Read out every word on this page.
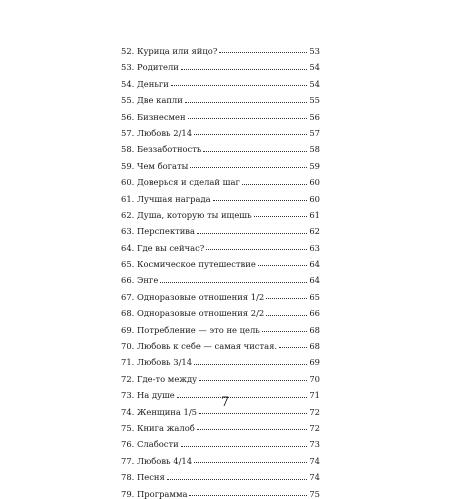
52. Курица или яйцо?	53
53. Родители	54
54. Деньги	54
55. Две капли	55
56. Бизнесмен	56
57. Любовь 2/14	57
58. Беззаботность	58
59. Чем богаты	59
60. Доверься и сделай шаг	60
61. Лучшая награда	60
62. Душа, которую ты ищешь	61
63. Перспектива	62
64. Где вы сейчас?	63
65. Космическое путешествие	64
66. Энге	64
67. Одноразовые отношения 1/2	65
68. Одноразовые отношения 2/2	66
69. Потребление — это не цель	68
70. Любовь к себе — самая чистая.	68
71. Любовь 3/14	69
72. Где-то между	70
73. На душе	71
74. Женщина 1/5	72
75. Книга жалоб	72
76. Слабости	73
77. Любовь 4/14	74
78. Песня	74
79. Программа	75
7
